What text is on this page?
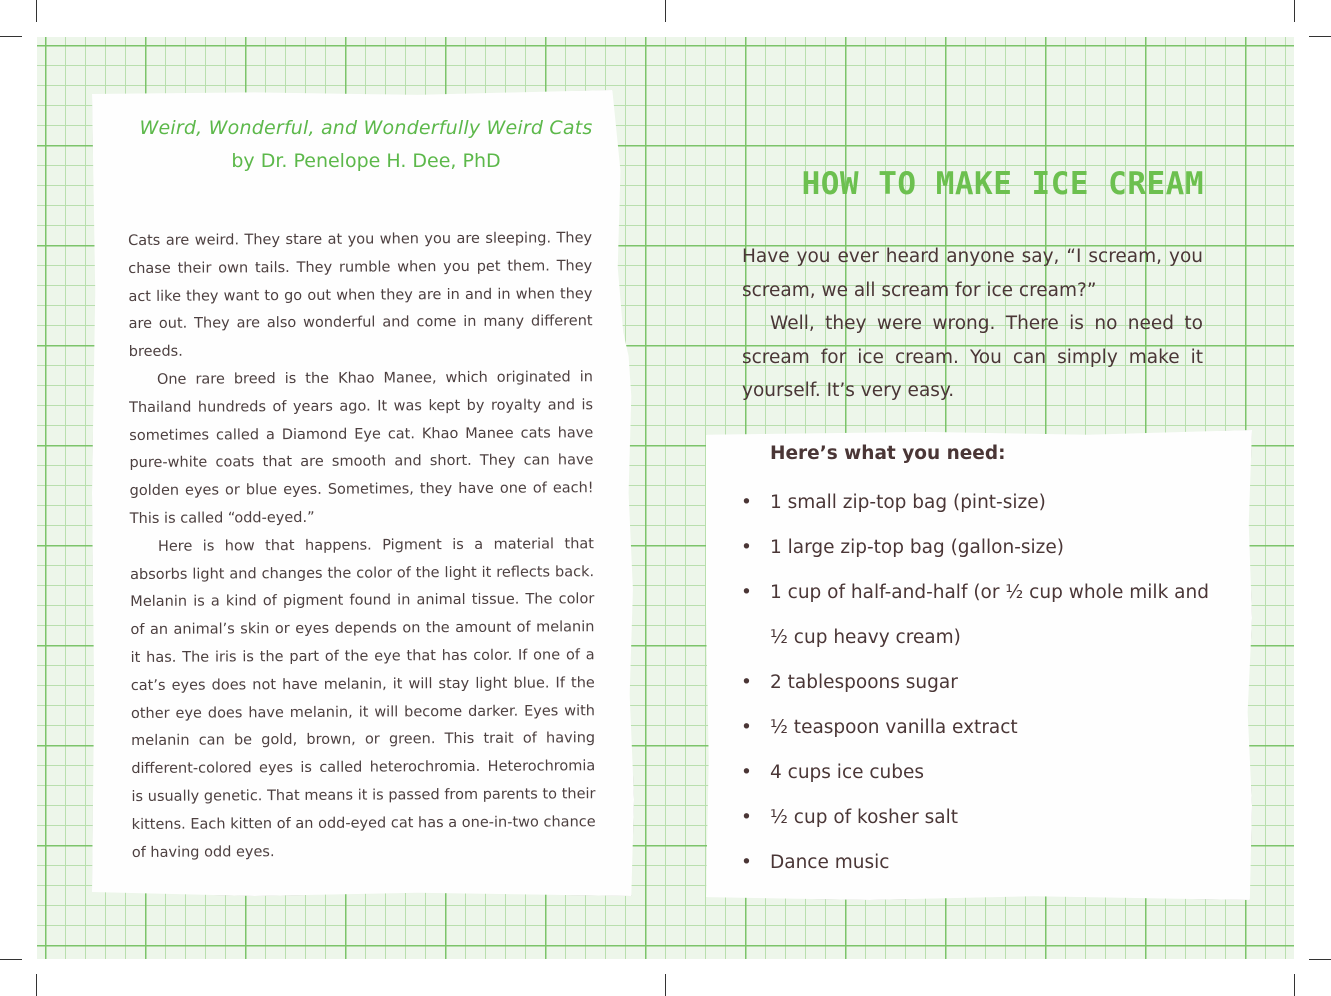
Weird, Wonderful, and Wonderfully Weird Cats
by Dr. Penelope H. Dee, PhD

Cats are weird. They stare at you when you are sleeping. They chase their own tails. They rumble when you pet them. They act like they want to go out when they are in and in when they are out. They are also wonderful and come in many different breeds.

One rare breed is the Khao Manee, which originated in Thailand hundreds of years ago. It was kept by royalty and is sometimes called a Diamond Eye cat. Khao Manee cats have pure-white coats that are smooth and short. They can have golden eyes or blue eyes. Sometimes, they have one of each! This is called “odd-eyed.”

Here is how that happens. Pigment is a material that absorbs light and changes the color of the light it reflects back. Melanin is a kind of pigment found in animal tissue. The color of an animal’s skin or eyes depends on the amount of melanin it has. The iris is the part of the eye that has color. If one of a cat’s eyes does not have melanin, it will stay light blue. If the other eye does have melanin, it will become darker. Eyes with melanin can be gold, brown, or green. This trait of having different-colored eyes is called heterochromia. Heterochromia is usually genetic. That means it is passed from parents to their kittens. Each kitten of an odd-eyed cat has a one-in-two chance of having odd eyes.

HOW TO MAKE ICE CREAM

Have you ever heard anyone say, “I scream, you scream, we all scream for ice cream?”

Well, they were wrong. There is no need to scream for ice cream. You can simply make it yourself. It’s very easy.

Here’s what you need:
• 1 small zip-top bag (pint-size)
• 1 large zip-top bag (gallon-size)
• 1 cup of half-and-half (or ½ cup whole milk and ½ cup heavy cream)
• 2 tablespoons sugar
• ½ teaspoon vanilla extract
• 4 cups ice cubes
• ½ cup of kosher salt
• Dance music
